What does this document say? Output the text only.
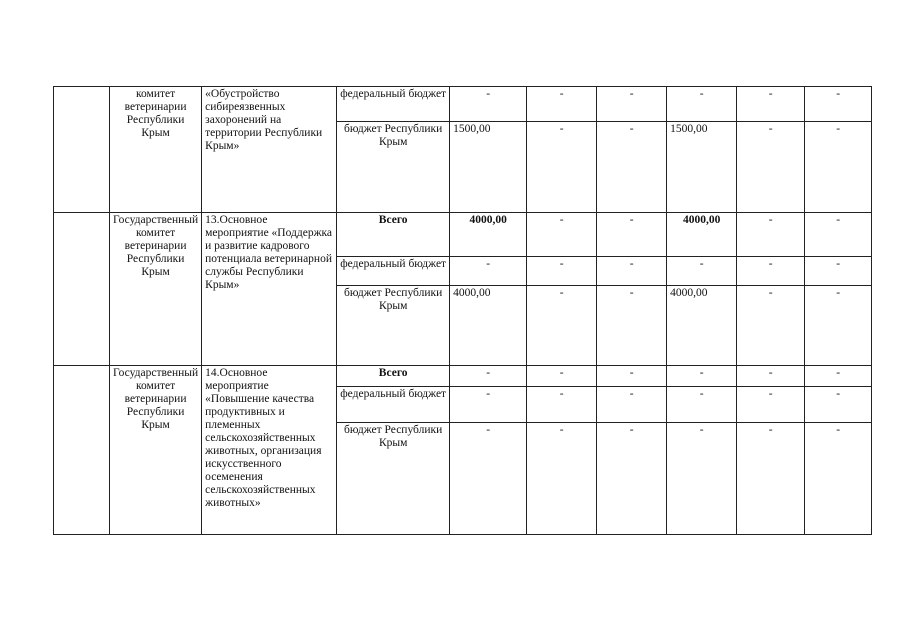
	комитет ветеринарии Республики Крым	«Обустройство сибиреязвенных захоронений на территории Республики Крым»	федеральный бюджет	-	-	-	-	-	-
			бюджет Республики Крым	1500,00	-	-	1500,00	-	-
	Государственный комитет ветеринарии Республики Крым	13.Основное мероприятие «Поддержка и развитие кадрового потенциала ветеринарной службы Республики Крым»	Всего	4000,00	-	-	4000,00	-	-
			федеральный бюджет	-	-	-	-	-	-
			бюджет Республики Крым	4000,00	-	-	4000,00	-	-
	Государственный комитет ветеринарии Республики Крым	14.Основное мероприятие «Повышение качества продуктивных и племенных сельскохозяйственных животных, организация искусственного осеменения сельскохозяйственных животных»	Всего	-	-	-	-	-	-
			федеральный бюджет	-	-	-	-	-	-
			бюджет Республики Крым	-	-	-	-	-	-
